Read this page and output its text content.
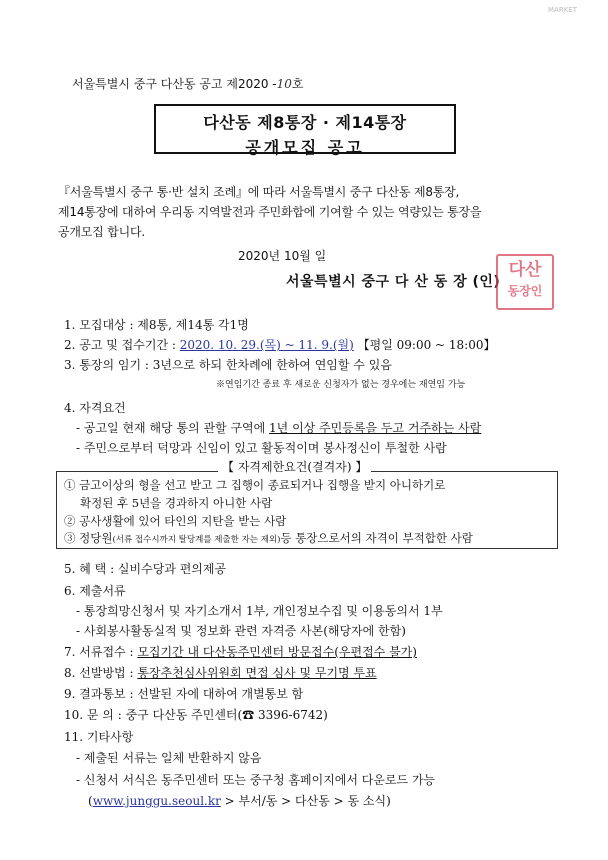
MARKET
서울특별시 중구 다산동 공고 제2020 -10호
다산동 제8통장 · 제14통장
공개모집 공고
『서울특별시 중구 통·반 설치 조례』에 따라 서울특별시 중구 다산동 제8통장,
제14통장에 대하여 우리동 지역발전과 주민화합에 기여할 수 있는 역량있는 통장을
공개모집 합니다.
2020년 10월 일
서울특별시 중구 다 산 동 장 (인)
다산
동장인
1. 모집대상 : 제8통, 제14통 각1명
2. 공고 및 접수기간 : 2020. 10. 29.(목) ~ 11. 9.(월) 【평일 09:00 ~ 18:00】
3. 통장의 임기 : 3년으로 하되 한차례에 한하여 연임할 수 있음
※연임기간 종료 후 새로운 신청자가 없는 경우에는 재연임 가능
4. 자격요건
- 공고일 현재 해당 통의 관할 구역에 1년 이상 주민등록을 두고 거주하는 사람
- 주민으로부터 덕망과 신임이 있고 활동적이며 봉사정신이 투철한 사람
【 자격제한요건(결격자) 】
① 금고이상의 형을 선고 받고 그 집행이 종료되거나 집행을 받지 아니하기로
확정된 후 5년을 경과하지 아니한 사람
② 공사생활에 있어 타인의 지탄을 받는 사람
③ 정당원(서류 접수시까지 탈당계를 제출한 자는 제외)등 통장으로서의 자격이 부적합한 사람
5. 혜 택 : 실비수당과 편의제공
6. 제출서류
- 통장희망신청서 및 자기소개서 1부, 개인정보수집 및 이용동의서 1부
- 사회봉사활동실적 및 정보화 관련 자격증 사본(해당자에 한함)
7. 서류접수 : 모집기간 내 다산동주민센터 방문접수(우편접수 불가)
8. 선발방법 : 통장추천심사위원회 면접 심사 및 무기명 투표
9. 결과통보 : 선발된 자에 대하여 개별통보 함
10. 문 의 : 중구 다산동 주민센터(☎ 3396-6742)
11. 기타사항
- 제출된 서류는 일체 반환하지 않음
- 신청서 서식은 동주민센터 또는 중구청 홈페이지에서 다운로드 가능
(www.junggu.seoul.kr > 부서/동 > 다산동 > 동 소식)
